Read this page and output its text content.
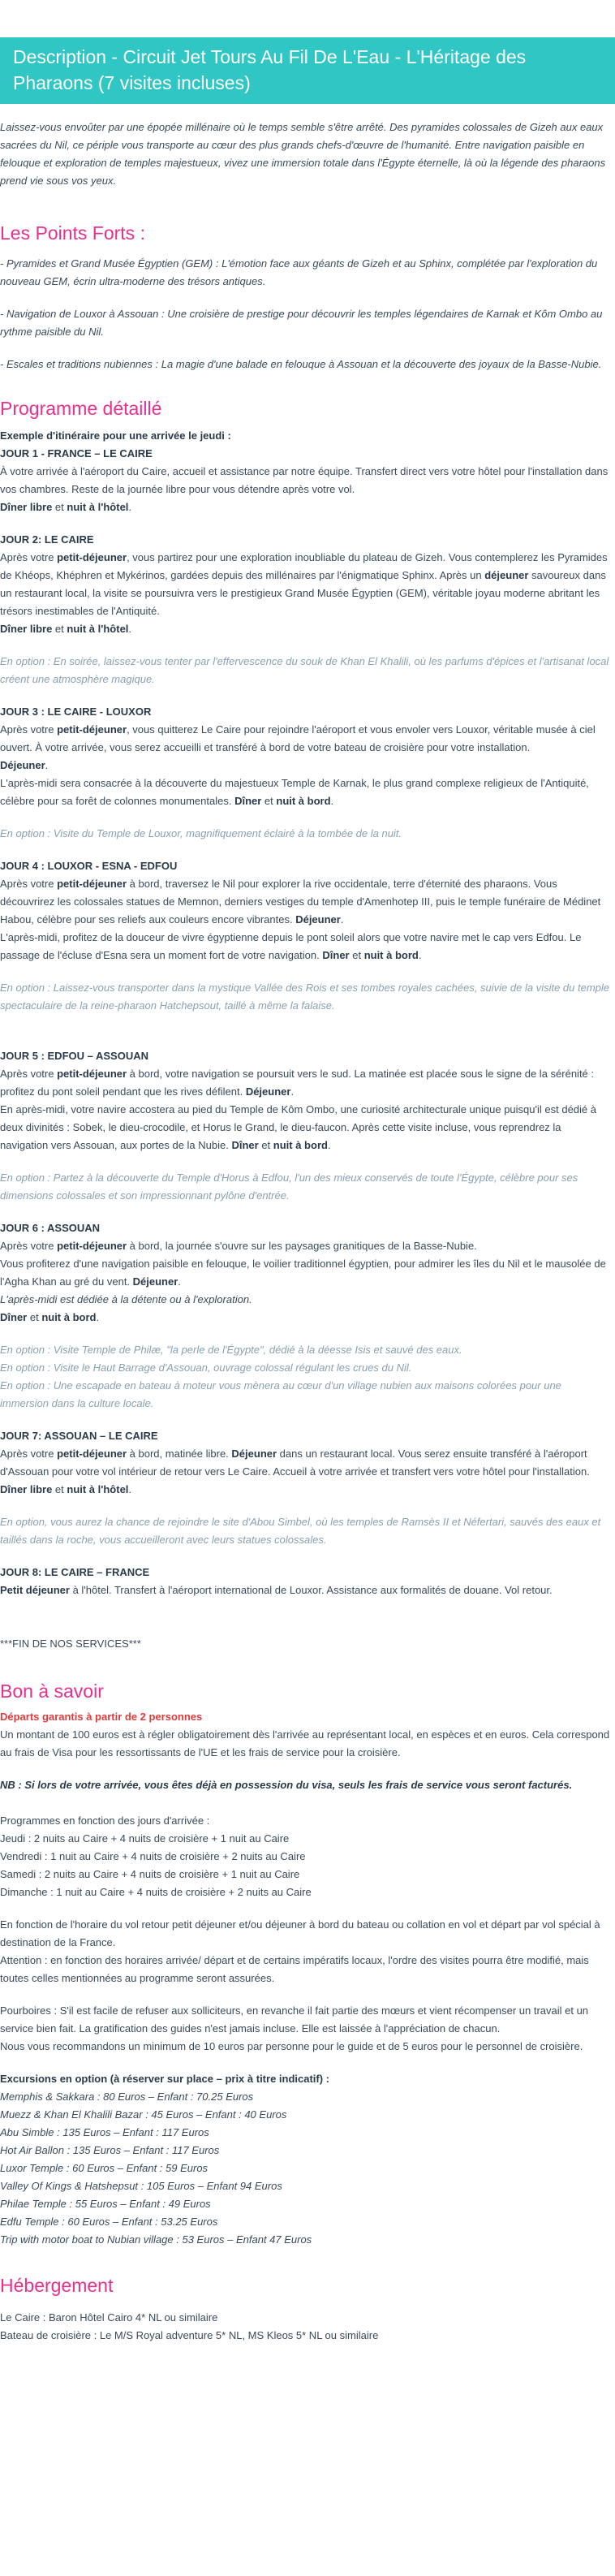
Description - Circuit Jet Tours Au Fil De L'Eau - L'Héritage des Pharaons (7 visites incluses)

Laissez-vous envoûter par une épopée millénaire où le temps semble s'être arrêté. Des pyramides colossales de Gizeh aux eaux sacrées du Nil, ce périple vous transporte au cœur des plus grands chefs-d'œuvre de l'humanité. Entre navigation paisible en felouque et exploration de temples majestueux, vivez une immersion totale dans l'Égypte éternelle, là où la légende des pharaons prend vie sous vos yeux.

Les Points Forts :

- Pyramides et Grand Musée Égyptien (GEM) : L'émotion face aux géants de Gizeh et au Sphinx, complétée par l'exploration du nouveau GEM, écrin ultra-moderne des trésors antiques.

- Navigation de Louxor à Assouan : Une croisière de prestige pour découvrir les temples légendaires de Karnak et Kôm Ombo au rythme paisible du Nil.

- Escales et traditions nubiennes : La magie d'une balade en felouque à Assouan et la découverte des joyaux de la Basse-Nubie.

Programme détaillé

Exemple d'itinéraire pour une arrivée le jeudi :

JOUR 1 - FRANCE – LE CAIRE

À votre arrivée à l'aéroport du Caire, accueil et assistance par notre équipe. Transfert direct vers votre hôtel pour l'installation dans vos chambres. Reste de la journée libre pour vous détendre après votre vol.

Dîner libre et nuit à l'hôtel.

JOUR 2: LE CAIRE

Après votre petit-déjeuner, vous partirez pour une exploration inoubliable du plateau de Gizeh. Vous contemplerez les Pyramides de Khéops, Khéphren et Mykérinos, gardées depuis des millénaires par l'énigmatique Sphinx. Après un déjeuner savoureux dans un restaurant local, la visite se poursuivra vers le prestigieux Grand Musée Égyptien (GEM), véritable joyau moderne abritant les trésors inestimables de l'Antiquité.

Dîner libre et nuit à l'hôtel.

En option : En soirée, laissez-vous tenter par l'effervescence du souk de Khan El Khalili, où les parfums d'épices et l'artisanat local créent une atmosphère magique.

JOUR 3 : LE CAIRE - LOUXOR

Après votre petit-déjeuner, vous quitterez Le Caire pour rejoindre l'aéroport et vous envoler vers Louxor, véritable musée à ciel ouvert. À votre arrivée, vous serez accueilli et transféré à bord de votre bateau de croisière pour votre installation.

Déjeuner.

L'après-midi sera consacrée à la découverte du majestueux Temple de Karnak, le plus grand complexe religieux de l'Antiquité, célèbre pour sa forêt de colonnes monumentales. Dîner et nuit à bord.

En option : Visite du Temple de Louxor, magnifiquement éclairé à la tombée de la nuit.

JOUR 4 : LOUXOR - ESNA - EDFOU

Après votre petit-déjeuner à bord, traversez le Nil pour explorer la rive occidentale, terre d'éternité des pharaons. Vous découvrirez les colossales statues de Memnon, derniers vestiges du temple d'Amenhotep III, puis le temple funéraire de Médinet Habou, célèbre pour ses reliefs aux couleurs encore vibrantes. Déjeuner.

L'après-midi, profitez de la douceur de vivre égyptienne depuis le pont soleil alors que votre navire met le cap vers Edfou. Le passage de l'écluse d'Esna sera un moment fort de votre navigation. Dîner et nuit à bord.

En option : Laissez-vous transporter dans la mystique Vallée des Rois et ses tombes royales cachées, suivie de la visite du temple spectaculaire de la reine-pharaon Hatchepsout, taillé à même la falaise.

JOUR 5 : EDFOU – ASSOUAN

Après votre petit-déjeuner à bord, votre navigation se poursuit vers le sud. La matinée est placée sous le signe de la sérénité : profitez du pont soleil pendant que les rives défilent. Déjeuner.

En après-midi, votre navire accostera au pied du Temple de Kôm Ombo, une curiosité architecturale unique puisqu'il est dédié à deux divinités : Sobek, le dieu-crocodile, et Horus le Grand, le dieu-faucon. Après cette visite incluse, vous reprendrez la navigation vers Assouan, aux portes de la Nubie. Dîner et nuit à bord.

En option : Partez à la découverte du Temple d'Horus à Edfou, l'un des mieux conservés de toute l'Égypte, célèbre pour ses dimensions colossales et son impressionnant pylône d'entrée.

JOUR 6 : ASSOUAN

Après votre petit-déjeuner à bord, la journée s'ouvre sur les paysages granitiques de la Basse-Nubie.

Vous profiterez d'une navigation paisible en felouque, le voilier traditionnel égyptien, pour admirer les îles du Nil et le mausolée de l'Agha Khan au gré du vent. Déjeuner.

L'après-midi est dédiée à la détente ou à l'exploration.

Dîner et nuit à bord.

En option : Visite Temple de Philæ, "la perle de l'Égypte", dédié à la déesse Isis et sauvé des eaux.

En option : Visite le Haut Barrage d'Assouan, ouvrage colossal régulant les crues du Nil.

En option : Une escapade en bateau à moteur vous mènera au cœur d'un village nubien aux maisons colorées pour une immersion dans la culture locale.

JOUR 7: ASSOUAN – LE CAIRE

Après votre petit-déjeuner à bord, matinée libre. Déjeuner dans un restaurant local. Vous serez ensuite transféré à l'aéroport d'Assouan pour votre vol intérieur de retour vers Le Caire. Accueil à votre arrivée et transfert vers votre hôtel pour l'installation.

Dîner libre et nuit à l'hôtel.

En option, vous aurez la chance de rejoindre le site d'Abou Simbel, où les temples de Ramsès II et Néfertari, sauvés des eaux et taillés dans la roche, vous accueilleront avec leurs statues colossales.

JOUR 8: LE CAIRE – FRANCE

Petit déjeuner à l'hôtel. Transfert à l'aéroport international de Louxor. Assistance aux formalités de douane. Vol retour.

***FIN DE NOS SERVICES***

Bon à savoir

Départs garantis à partir de 2 personnes

Un montant de 100 euros est à régler obligatoirement dès l'arrivée au représentant local, en espèces et en euros. Cela correspond au frais de Visa pour les ressortissants de l'UE et les frais de service pour la croisière.

NB : Si lors de votre arrivée, vous êtes déjà en possession du visa, seuls les frais de service vous seront facturés.

Programmes en fonction des jours d'arrivée :

Jeudi : 2 nuits au Caire + 4 nuits de croisière + 1 nuit au Caire

Vendredi : 1 nuit au Caire + 4 nuits de croisière + 2 nuits au Caire

Samedi : 2 nuits au Caire + 4 nuits de croisière + 1 nuit au Caire

Dimanche : 1 nuit au Caire + 4 nuits de croisière + 2 nuits au Caire

En fonction de l'horaire du vol retour petit déjeuner et/ou déjeuner à bord du bateau ou collation en vol et départ par vol spécial à destination de la France.

Attention : en fonction des horaires arrivée/ départ et de certains impératifs locaux, l'ordre des visites pourra être modifié, mais toutes celles mentionnées au programme seront assurées.

Pourboires : S'il est facile de refuser aux solliciteurs, en revanche il fait partie des mœurs et vient récompenser un travail et un service bien fait. La gratification des guides n'est jamais incluse. Elle est laissée à l'appréciation de chacun.

Nous vous recommandons un minimum de 10 euros par personne pour le guide et de 5 euros pour le personnel de croisière.

Excursions en option (à réserver sur place – prix à titre indicatif) :

Memphis & Sakkara : 80 Euros – Enfant : 70.25 Euros

Muezz & Khan El Khalili Bazar : 45 Euros – Enfant : 40 Euros

Abu Simble : 135 Euros – Enfant : 117 Euros

Hot Air Ballon : 135 Euros – Enfant : 117 Euros

Luxor Temple : 60 Euros – Enfant : 59 Euros

Valley Of Kings & Hatshepsut : 105 Euros – Enfant 94 Euros

Philae Temple : 55 Euros – Enfant : 49 Euros

Edfu Temple : 60 Euros – Enfant : 53.25 Euros

Trip with motor boat to Nubian village : 53 Euros – Enfant 47 Euros

Hébergement

Le Caire : Baron Hôtel Cairo 4* NL ou similaire

Bateau de croisière : Le M/S Royal adventure 5* NL, MS Kleos 5* NL ou similaire
